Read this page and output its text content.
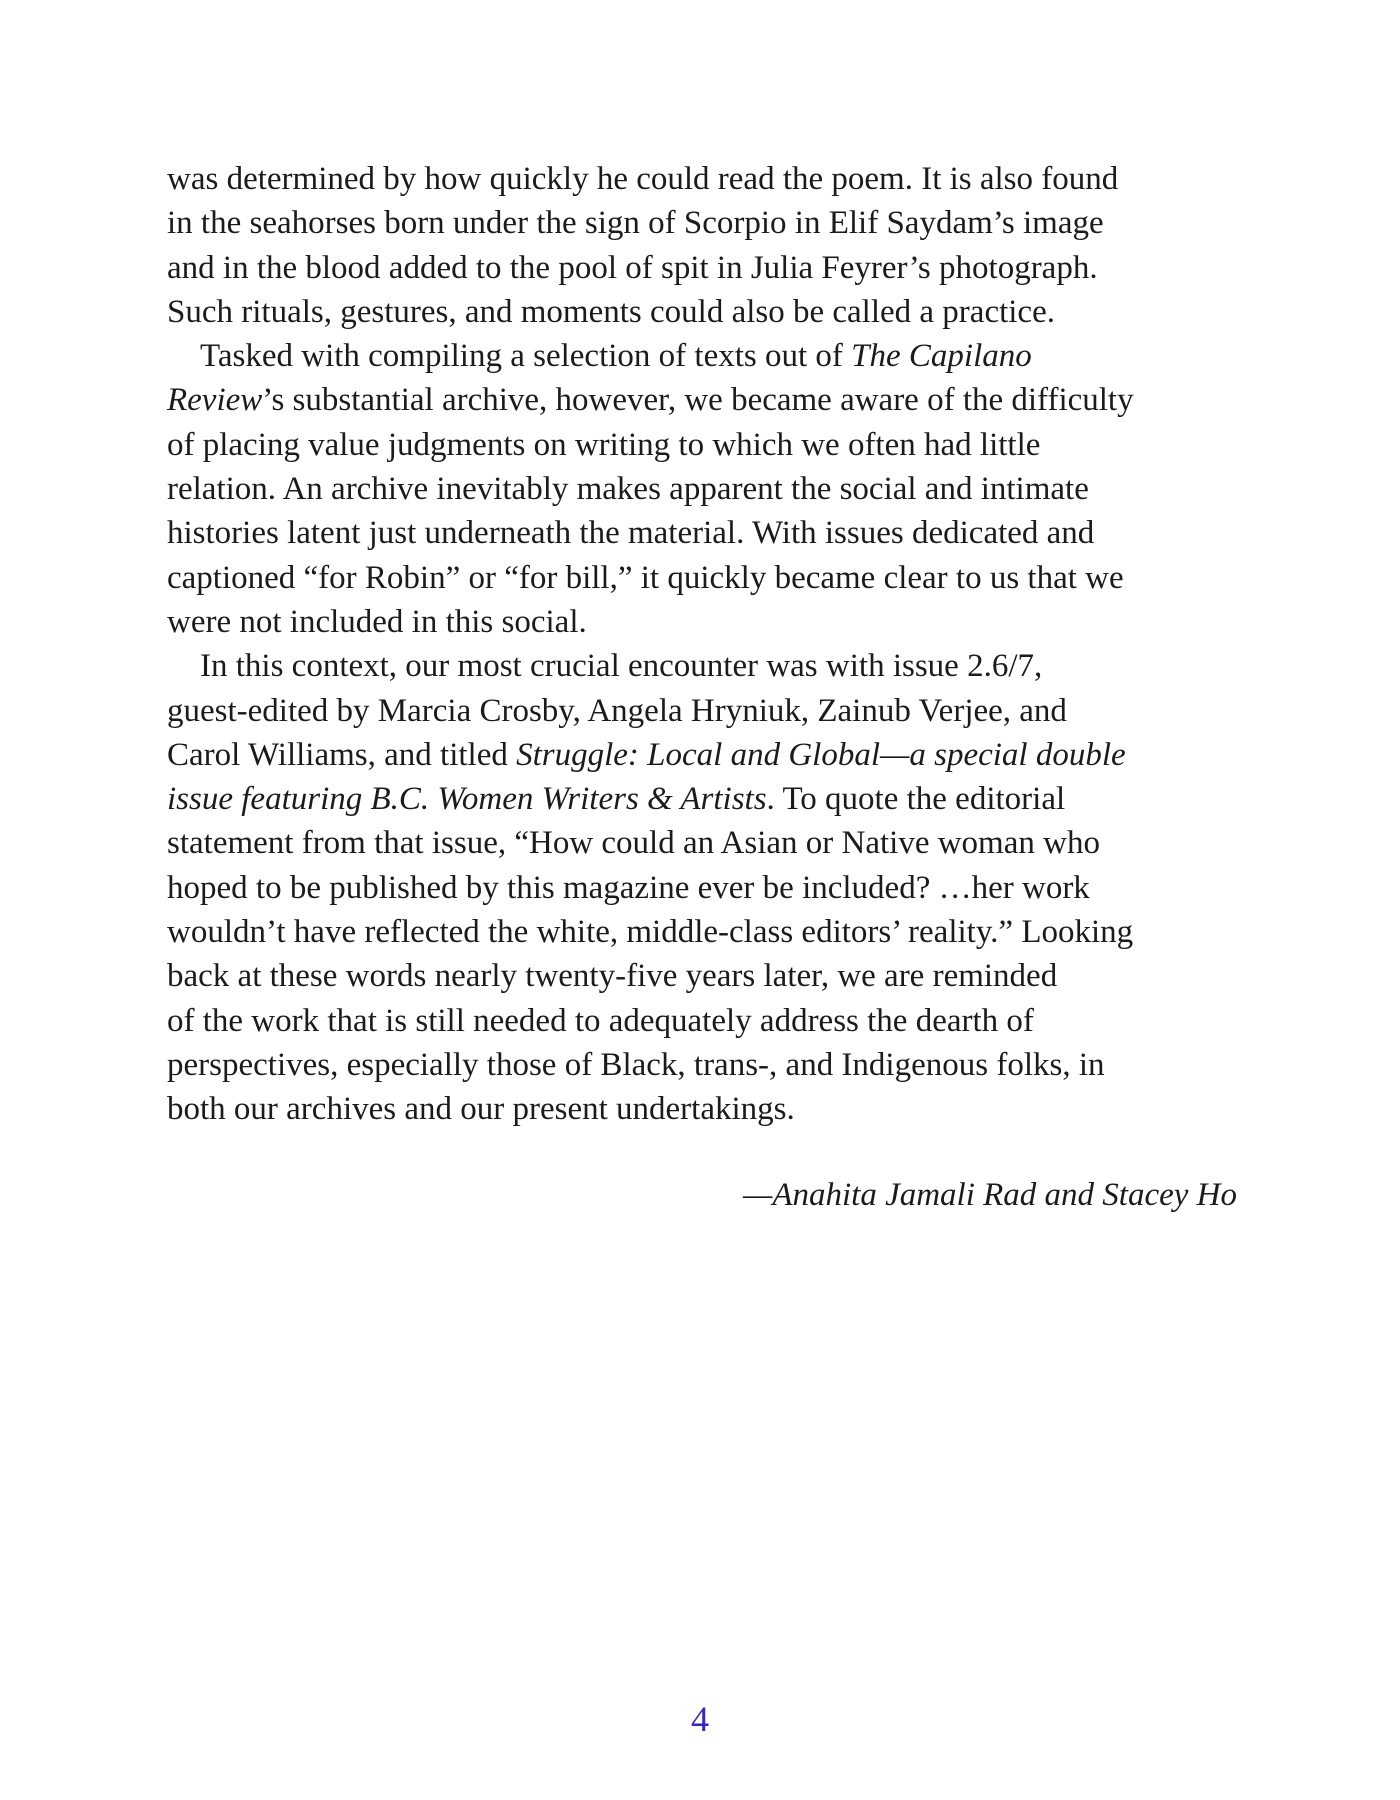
was determined by how quickly he could read the poem. It is also found
in the seahorses born under the sign of Scorpio in Elif Saydam’s image
and in the blood added to the pool of spit in Julia Feyrer’s photograph.
Such rituals, gestures, and moments could also be called a practice.
Tasked with compiling a selection of texts out of The Capilano
Review’s substantial archive, however, we became aware of the difficulty
of placing value judgments on writing to which we often had little
relation. An archive inevitably makes apparent the social and intimate
histories latent just underneath the material. With issues dedicated and
captioned “for Robin” or “for bill,” it quickly became clear to us that we
were not included in this social.
In this context, our most crucial encounter was with issue 2.6/7,
guest-edited by Marcia Crosby, Angela Hryniuk, Zainub Verjee, and
Carol Williams, and titled Struggle: Local and Global—a special double
issue featuring B.C. Women Writers & Artists. To quote the editorial
statement from that issue, “How could an Asian or Native woman who
hoped to be published by this magazine ever be included? …her work
wouldn’t have reflected the white, middle-class editors’ reality.” Looking
back at these words nearly twenty-five years later, we are reminded
of the work that is still needed to adequately address the dearth of
perspectives, especially those of Black, trans-, and Indigenous folks, in
both our archives and our present undertakings.
—Anahita Jamali Rad and Stacey Ho
4
